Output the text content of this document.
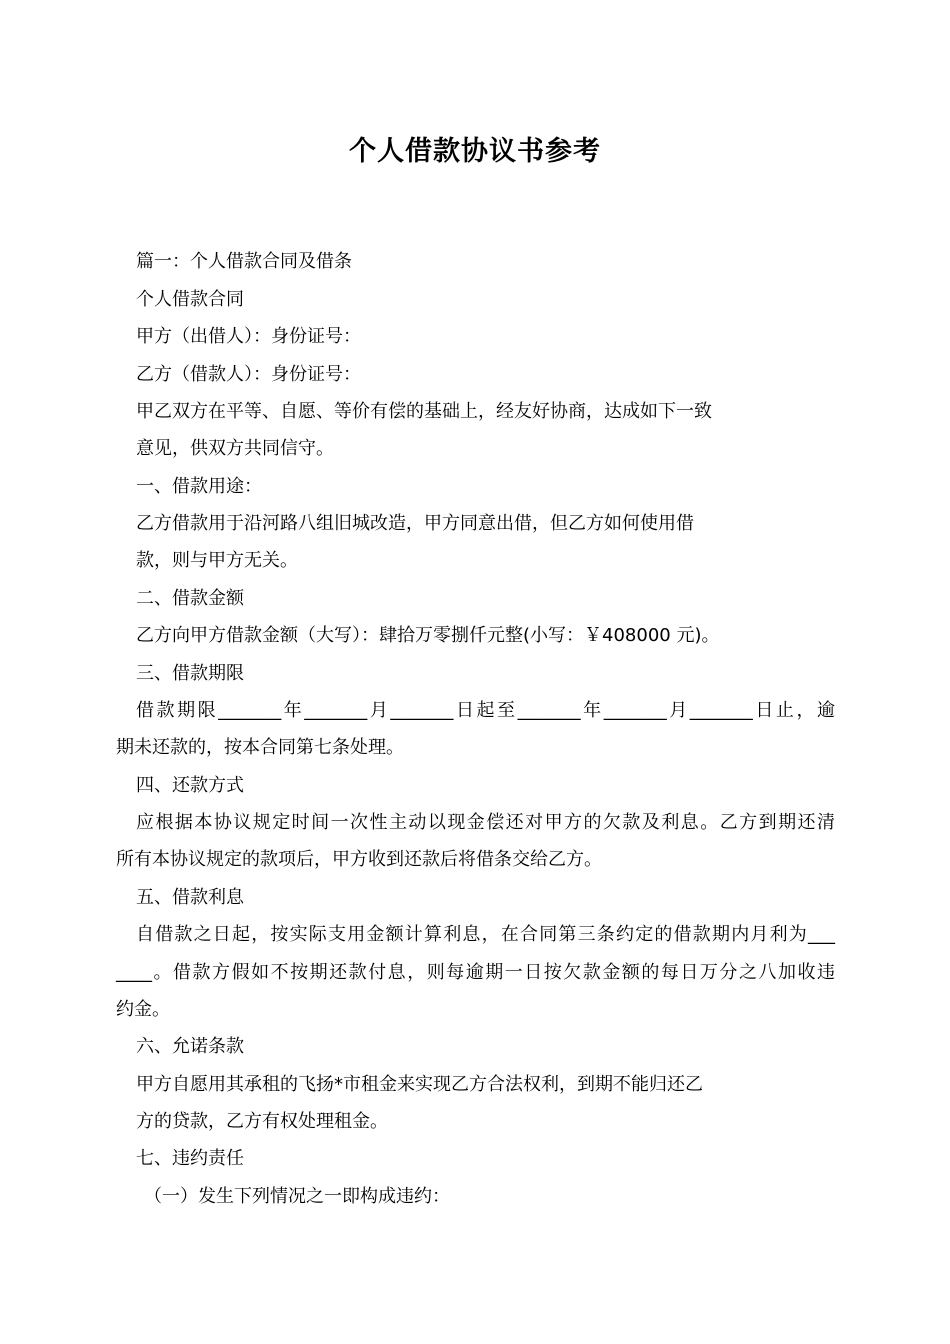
个人借款协议书参考

篇一：个人借款合同及借条

个人借款合同

甲方（出借人）：身份证号：

乙方（借款人）：身份证号：

甲乙双方在平等、自愿、等价有偿的基础上，经友好协商，达成如下一致

意见，供双方共同信守。

一、借款用途：

乙方借款用于沿河路八组旧城改造，甲方同意出借，但乙方如何使用借

款，则与甲方无关。

二、借款金额

乙方向甲方借款金额（大写）：肆拾万零捌仟元整(小写：￥408000 元)。

三、借款期限

借款期限_______年_______月_______日起至_______年_______月_______日止，逾

期未还款的，按本合同第七条处理。

四、还款方式

应根据本协议规定时间一次性主动以现金偿还对甲方的欠款及利息。乙方到期还清

所有本协议规定的款项后，甲方收到还款后将借条交给乙方。

五、借款利息

自借款之日起，按实际支用金额计算利息，在合同第三条约定的借款期内月利为___

____。借款方假如不按期还款付息，则每逾期一日按欠款金额的每日万分之八加收违

约金。

六、允诺条款

甲方自愿用其承租的飞扬*市租金来实现乙方合法权利，到期不能归还乙

方的贷款，乙方有权处理租金。

七、违约责任

（一）发生下列情况之一即构成违约：
